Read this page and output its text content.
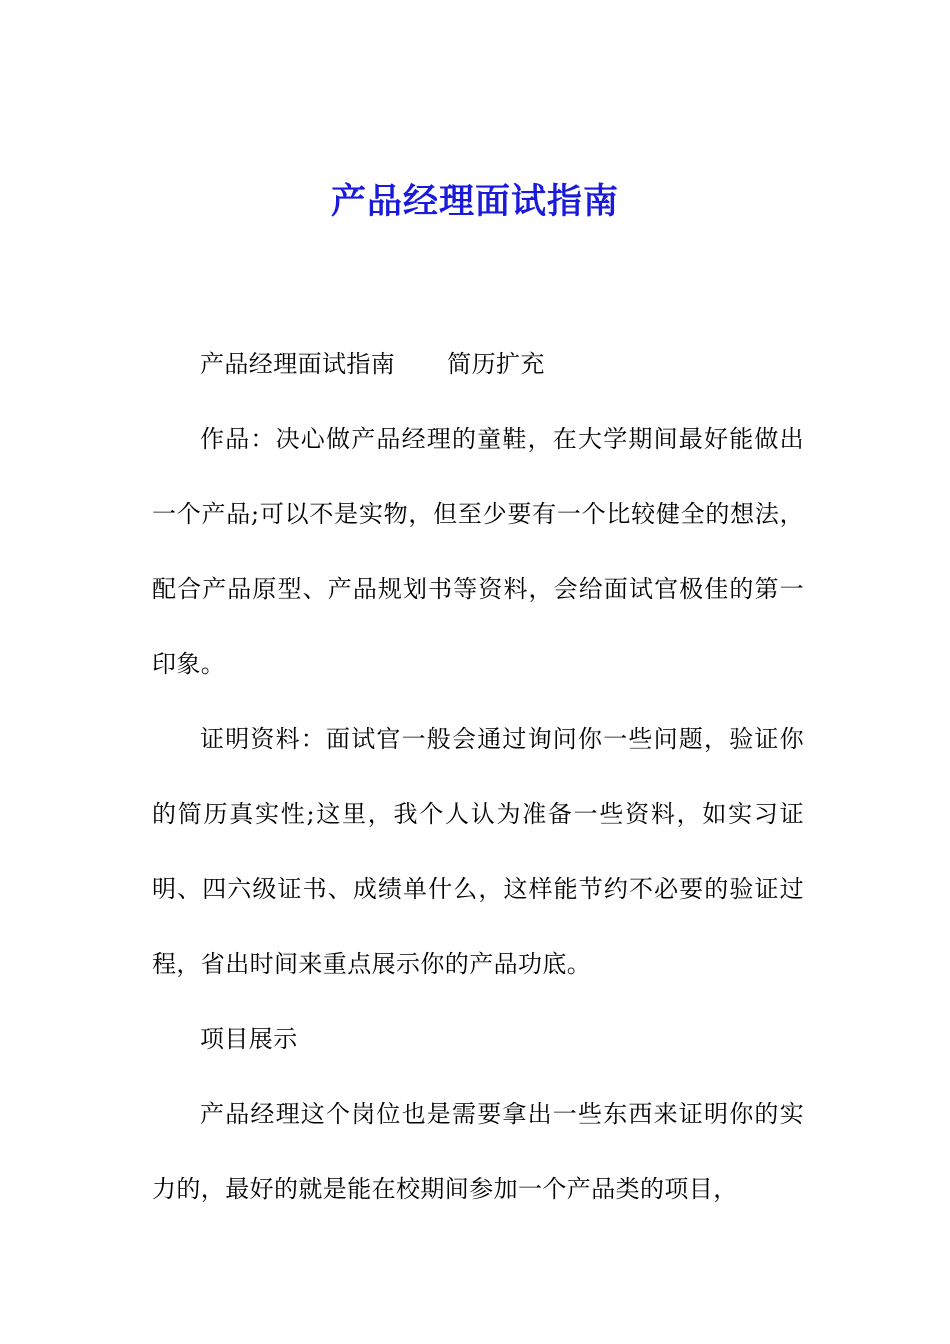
产品经理面试指南

产品经理面试指南 简历扩充

作品：决心做产品经理的童鞋，在大学期间最好能做出一个产品;可以不是实物，但至少要有一个比较健全的想法，配合产品原型、产品规划书等资料，会给面试官极佳的第一印象。

证明资料：面试官一般会通过询问你一些问题，验证你的简历真实性;这里，我个人认为准备一些资料，如实习证明、四六级证书、成绩单什么，这样能节约不必要的验证过程，省出时间来重点展示你的产品功底。

项目展示

产品经理这个岗位也是需要拿出一些东西来证明你的实力的，最好的就是能在校期间参加一个产品类的项目，
